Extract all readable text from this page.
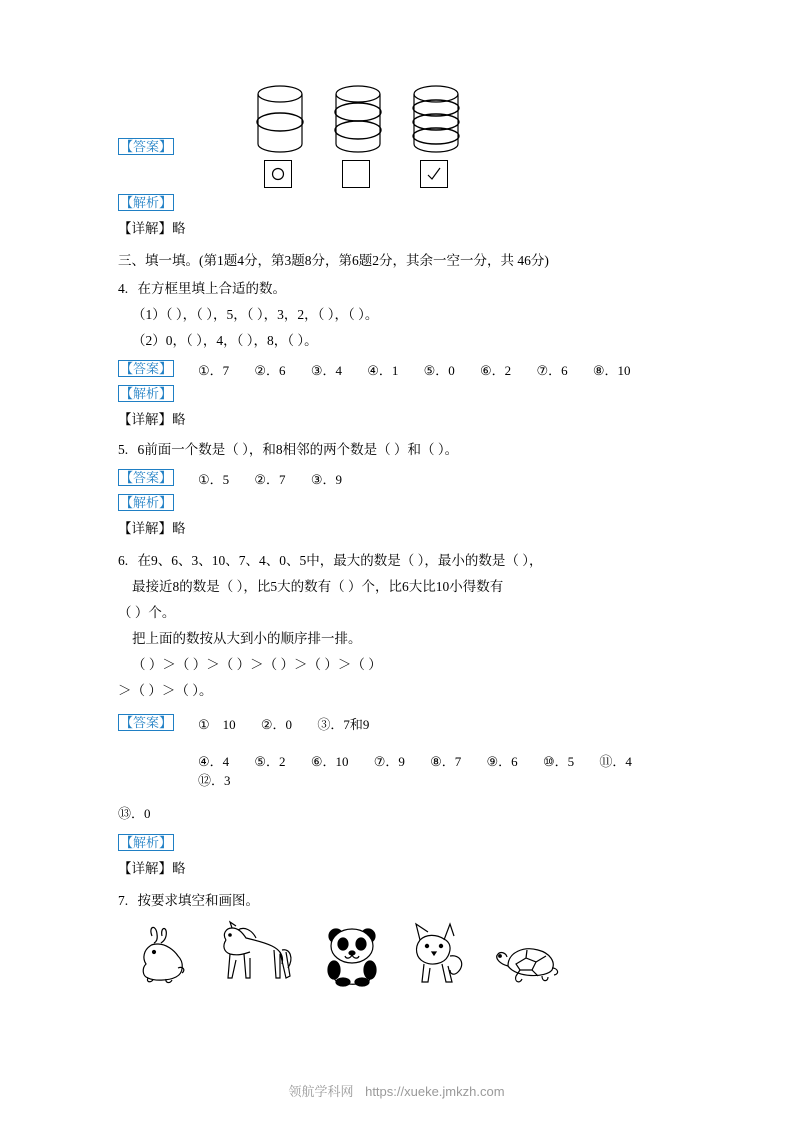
【答案】
【解析】
【详解】略
三、填一填。(第1题4分，第3题8分，第6题2分，其余一空一分，共 46分)
4. 在方框里填上合适的数。
（1）（ ），（ ），5，（ ），3，2，（ ），（ ）。
（2）0，（ ），4，（ ），8，（ ）。
【答案】	①．7 ②．6 ③．4 ④．1 ⑤．0 ⑥．2 ⑦．6 ⑧．10
【解析】
【详解】略
5. 6前面一个数是（ ），和8相邻的两个数是（ ）和（ ）。
【答案】	①．5 ②．7 ③．9
【解析】
【详解】略
6. 在9、6、3、10、7、4、0、5中，最大的数是（ ），最小的数是（ ），
最接近8的数是（ ），比5大的数有（ ）个，比6大比10小得数有
（ ）个。
把上面的数按从大到小的顺序排一排。
（ ）＞（ ）＞（ ）＞（ ）＞（ ）＞（ ）
＞（ ）＞（ ）。
【答案】	①　10 ②．0 ③．7和9
④．4 ⑤．2 ⑥．10 ⑦．9 ⑧．7 ⑨．6 ⑩．5 ⑪．4 ⑫．3
⑬．0
【解析】
【详解】略
7. 按要求填空和画图。
领航学科网 https://xueke.jmkzh.com
